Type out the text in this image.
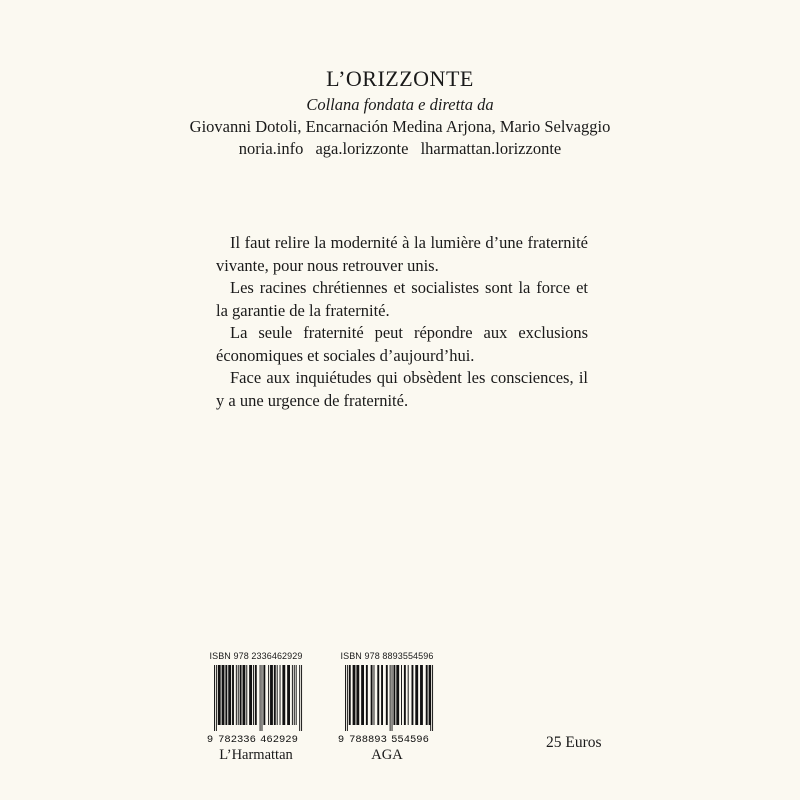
L’ORIZZONTE
Collana fondata e diretta da
Giovanni Dotoli, Encarnación Medina Arjona, Mario Selvaggio
noria.info aga.lorizzonte lharmattan.lorizzonte

Il faut relire la modernité à la lumière d’une fraternité vivante, pour nous retrouver unis.

Les racines chrétiennes et socialistes sont la force et la garantie de la fraternité.

La seule fraternité peut répondre aux exclusions économiques et sociales d’aujourd’hui.

Face aux inquiétudes qui obsèdent les consciences, il y a une urgence de fraternité.

ISBN 978 2336462929
9 782336 462929
L’Harmattan
ISBN 978 8893554596
9 788893 554596
AGA
25 Euros
